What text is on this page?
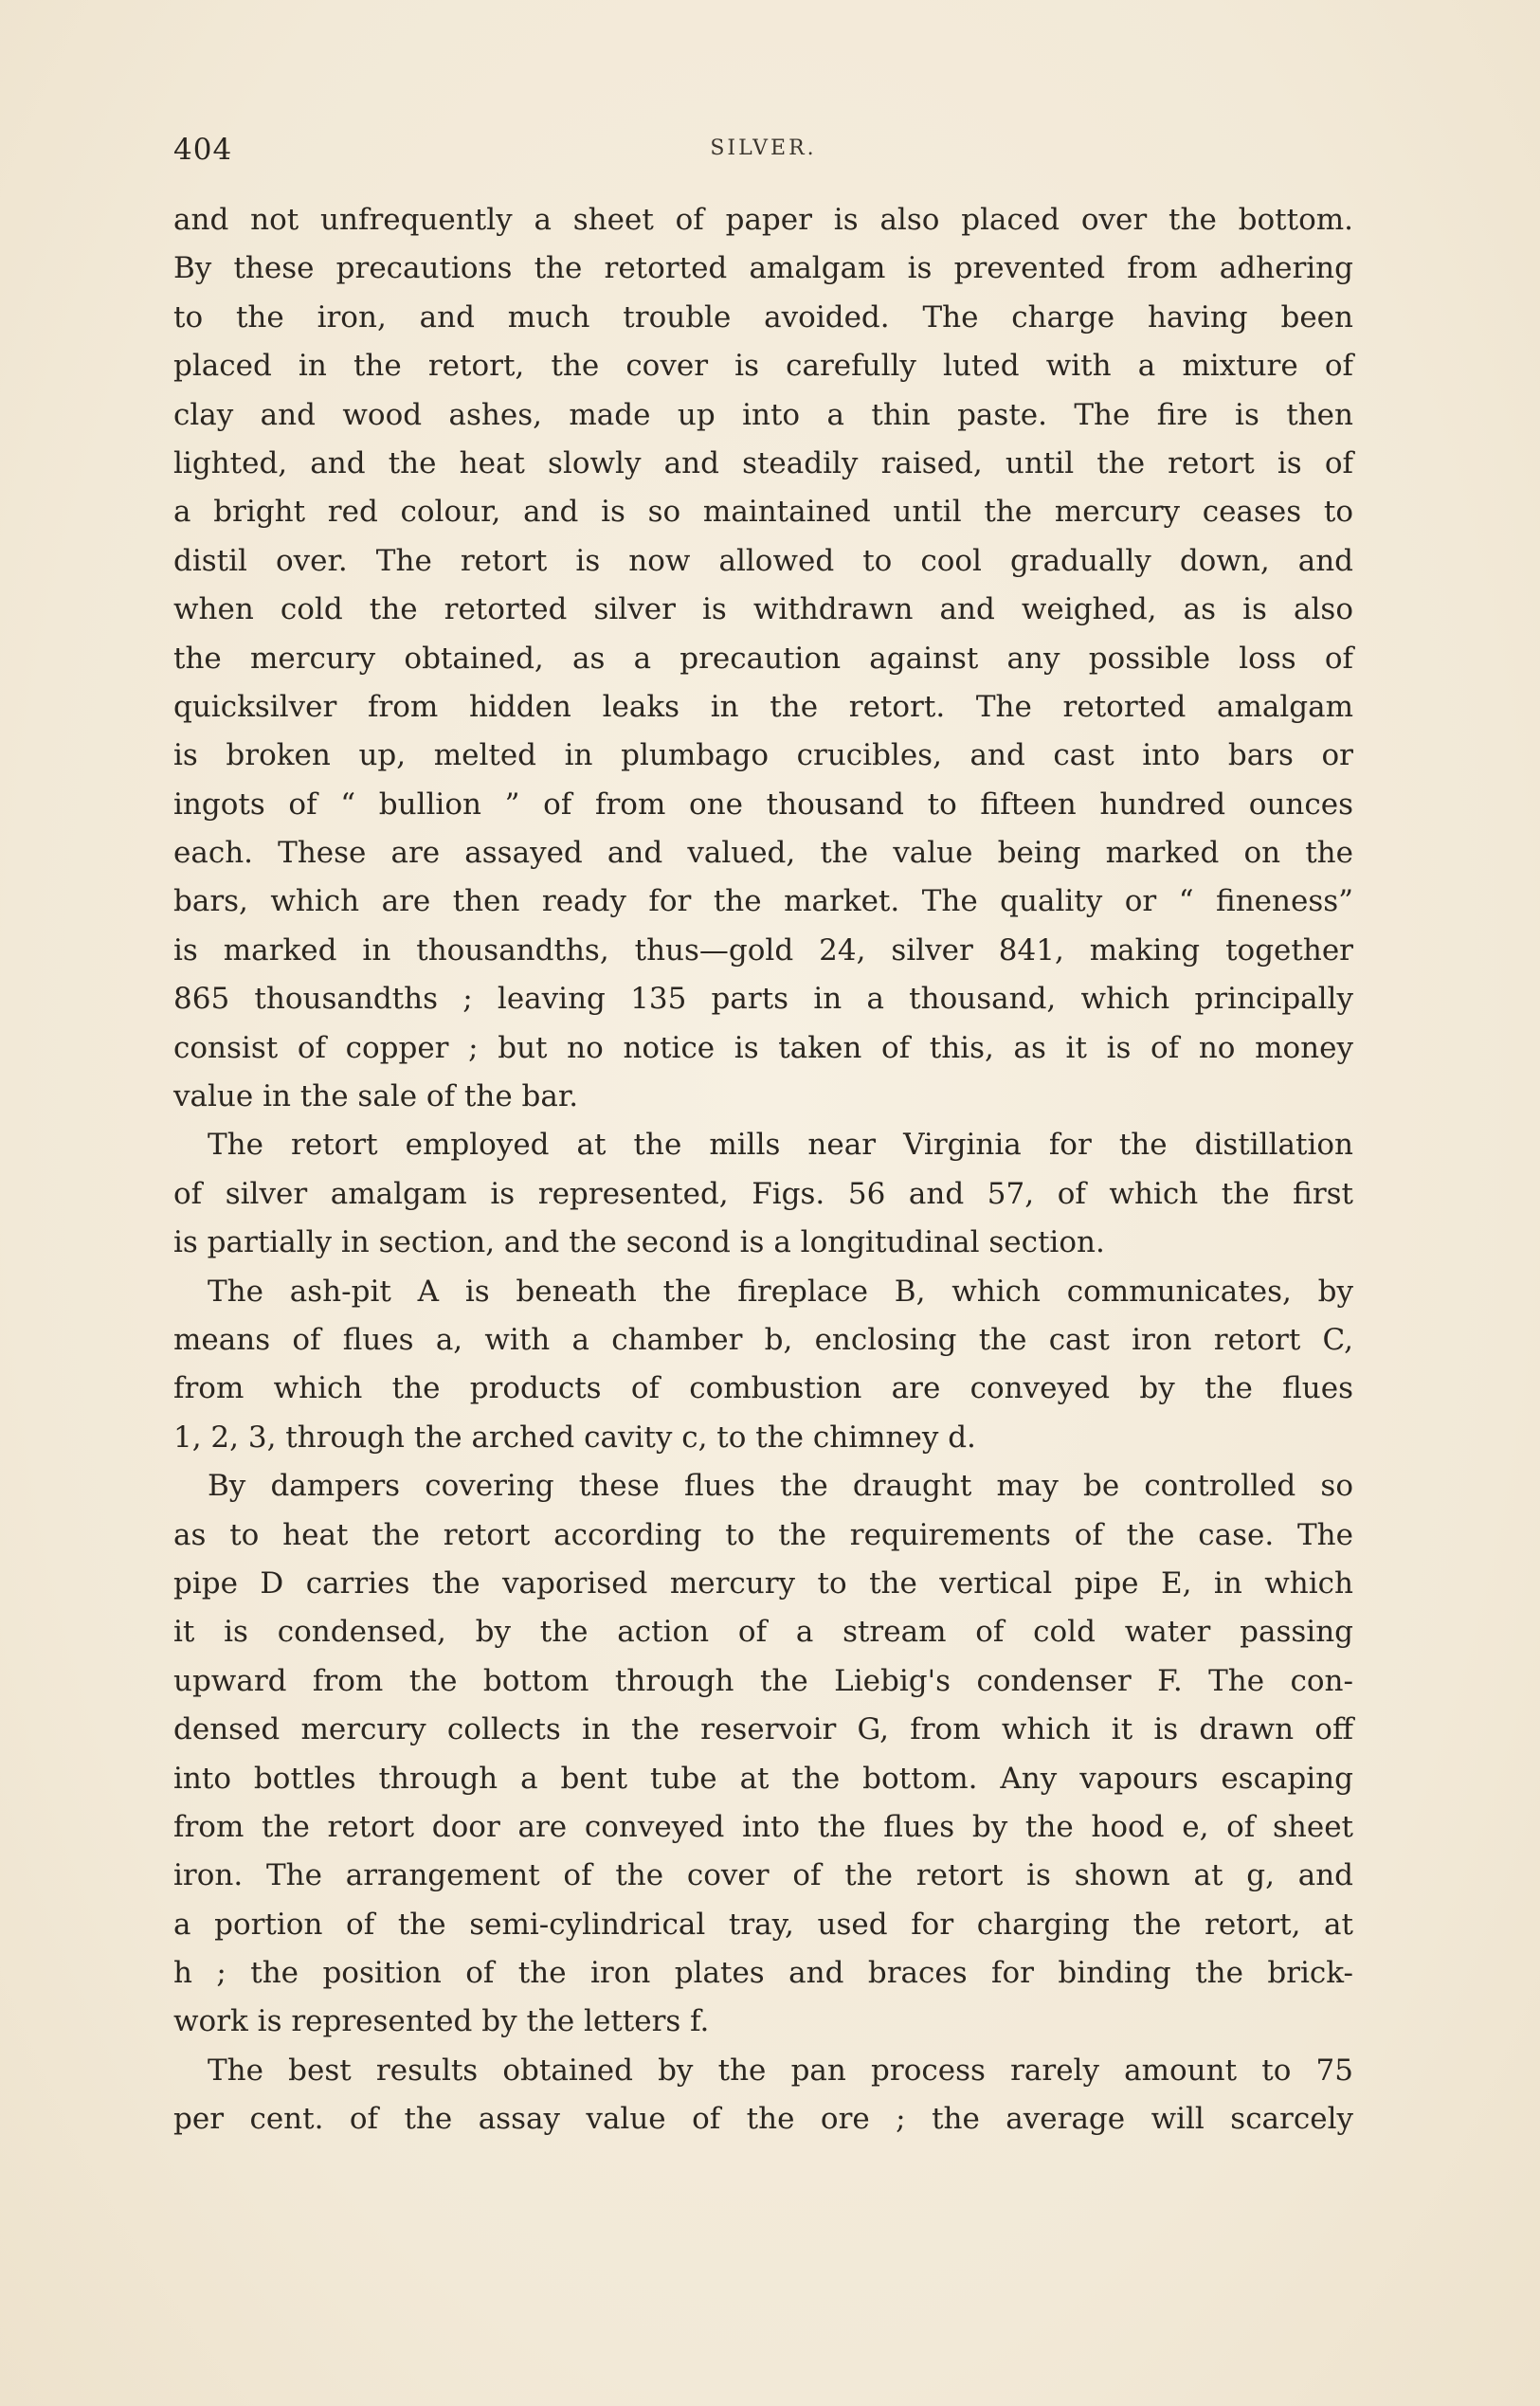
404	SILVER.
and not unfrequently a sheet of paper is also placed over the bottom.
By these precautions the retorted amalgam is prevented from adhering
to the iron, and much trouble avoided. The charge having been
placed in the retort, the cover is carefully luted with a mixture of
clay and wood ashes, made up into a thin paste. The fire is then
lighted, and the heat slowly and steadily raised, until the retort is of
a bright red colour, and is so maintained until the mercury ceases to
distil over. The retort is now allowed to cool gradually down, and
when cold the retorted silver is withdrawn and weighed, as is also
the mercury obtained, as a precaution against any possible loss of
quicksilver from hidden leaks in the retort. The retorted amalgam
is broken up, melted in plumbago crucibles, and cast into bars or
ingots of “ bullion ” of from one thousand to fifteen hundred ounces
each. These are assayed and valued, the value being marked on the
bars, which are then ready for the market. The quality or “ fineness”
is marked in thousandths, thus—gold 24, silver 841, making together
865 thousandths ; leaving 135 parts in a thousand, which principally
consist of copper ; but no notice is taken of this, as it is of no money
value in the sale of the bar.
The retort employed at the mills near Virginia for the distillation
of silver amalgam is represented, Figs. 56 and 57, of which the first
is partially in section, and the second is a longitudinal section.
The ash-pit A is beneath the fireplace B, which communicates, by
means of flues a, with a chamber b, enclosing the cast iron retort C,
from which the products of combustion are conveyed by the flues
1, 2, 3, through the arched cavity c, to the chimney d.
By dampers covering these flues the draught may be controlled so
as to heat the retort according to the requirements of the case. The
pipe D carries the vaporised mercury to the vertical pipe E, in which
it is condensed, by the action of a stream of cold water passing
upward from the bottom through the Liebig's condenser F. The con-
densed mercury collects in the reservoir G, from which it is drawn off
into bottles through a bent tube at the bottom. Any vapours escaping
from the retort door are conveyed into the flues by the hood e, of sheet
iron. The arrangement of the cover of the retort is shown at g, and
a portion of the semi-cylindrical tray, used for charging the retort, at
h ; the position of the iron plates and braces for binding the brick-
work is represented by the letters f.
The best results obtained by the pan process rarely amount to 75
per cent. of the assay value of the ore ; the average will scarcely
